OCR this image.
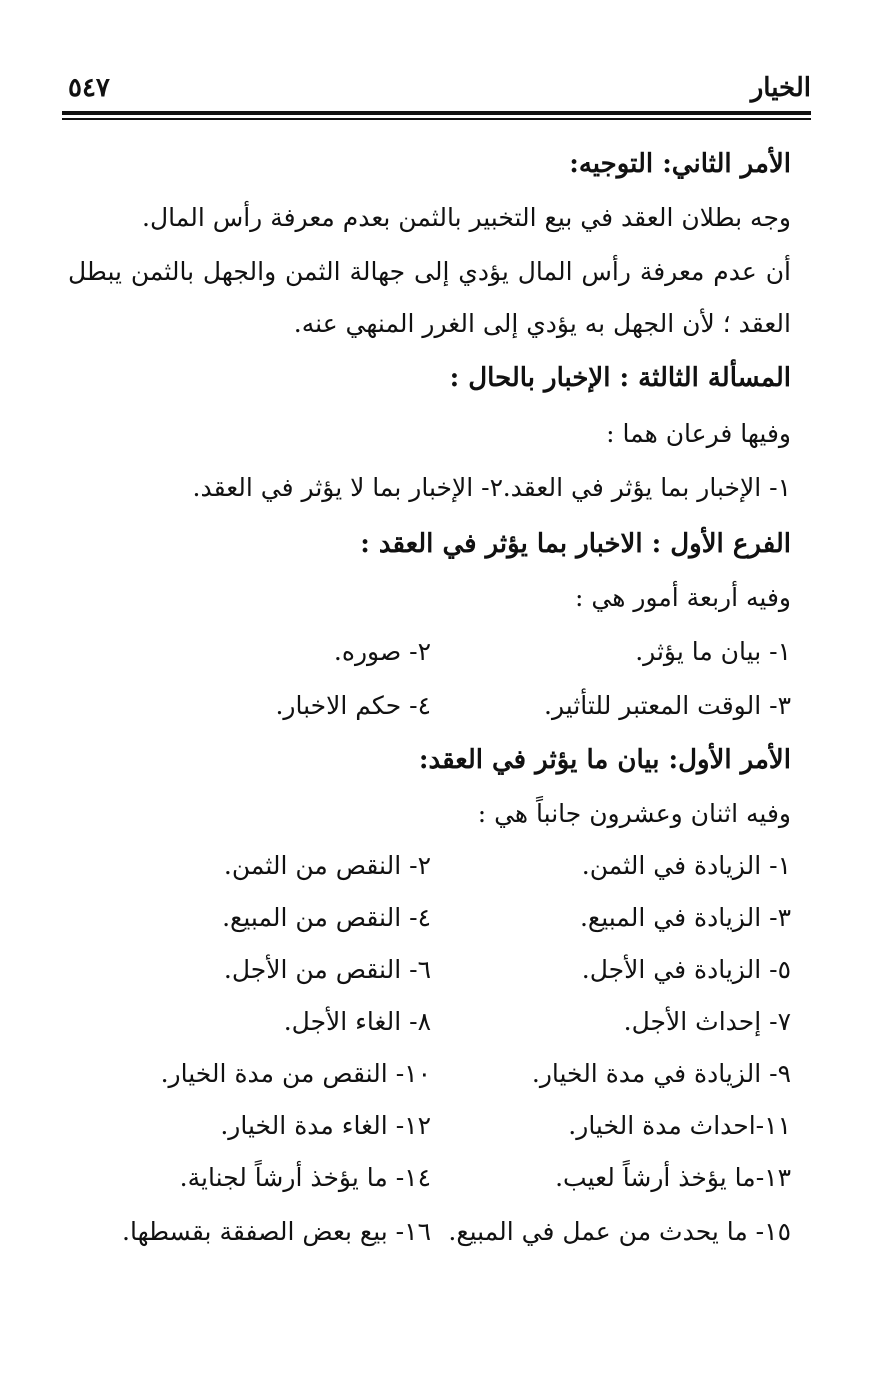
الخيار
٥٤٧
الأمر الثاني: التوجيه:
وجه بطلان العقد في بيع التخبير بالثمن بعدم معرفة رأس المال.
أن عدم معرفة رأس المال يؤدي إلى جهالة الثمن والجهل بالثمن يبطل
العقد ؛ لأن الجهل به يؤدي إلى الغرر المنهي عنه.
المسألة الثالثة : الإخبار بالحال :
وفيها فرعان هما :
١- الإخبار بما يؤثر في العقد.
٢- الإخبار بما لا يؤثر في العقد.
الفرع الأول : الاخبار بما يؤثر في العقد :
وفيه أربعة أمور هي :
١- بيان ما يؤثر.
٢- صوره.
٣- الوقت المعتبر للتأثير.
٤- حكم الاخبار.
الأمر الأول: بيان ما يؤثر في العقد:
وفيه اثنان وعشرون جانباً هي :
١- الزيادة في الثمن.
٢- النقص من الثمن.
٣- الزيادة في المبيع.
٤- النقص من المبيع.
٥- الزيادة في الأجل.
٦- النقص من الأجل.
٧- إحداث الأجل.
٨- الغاء الأجل.
٩- الزيادة في مدة الخيار.
١٠- النقص من مدة الخيار.
١١-احداث مدة الخيار.
١٢- الغاء مدة الخيار.
١٣-ما يؤخذ أرشاً لعيب.
١٤- ما يؤخذ أرشاً لجناية.
١٥- ما يحدث من عمل في المبيع.
١٦- بيع بعض الصفقة بقسطها.
